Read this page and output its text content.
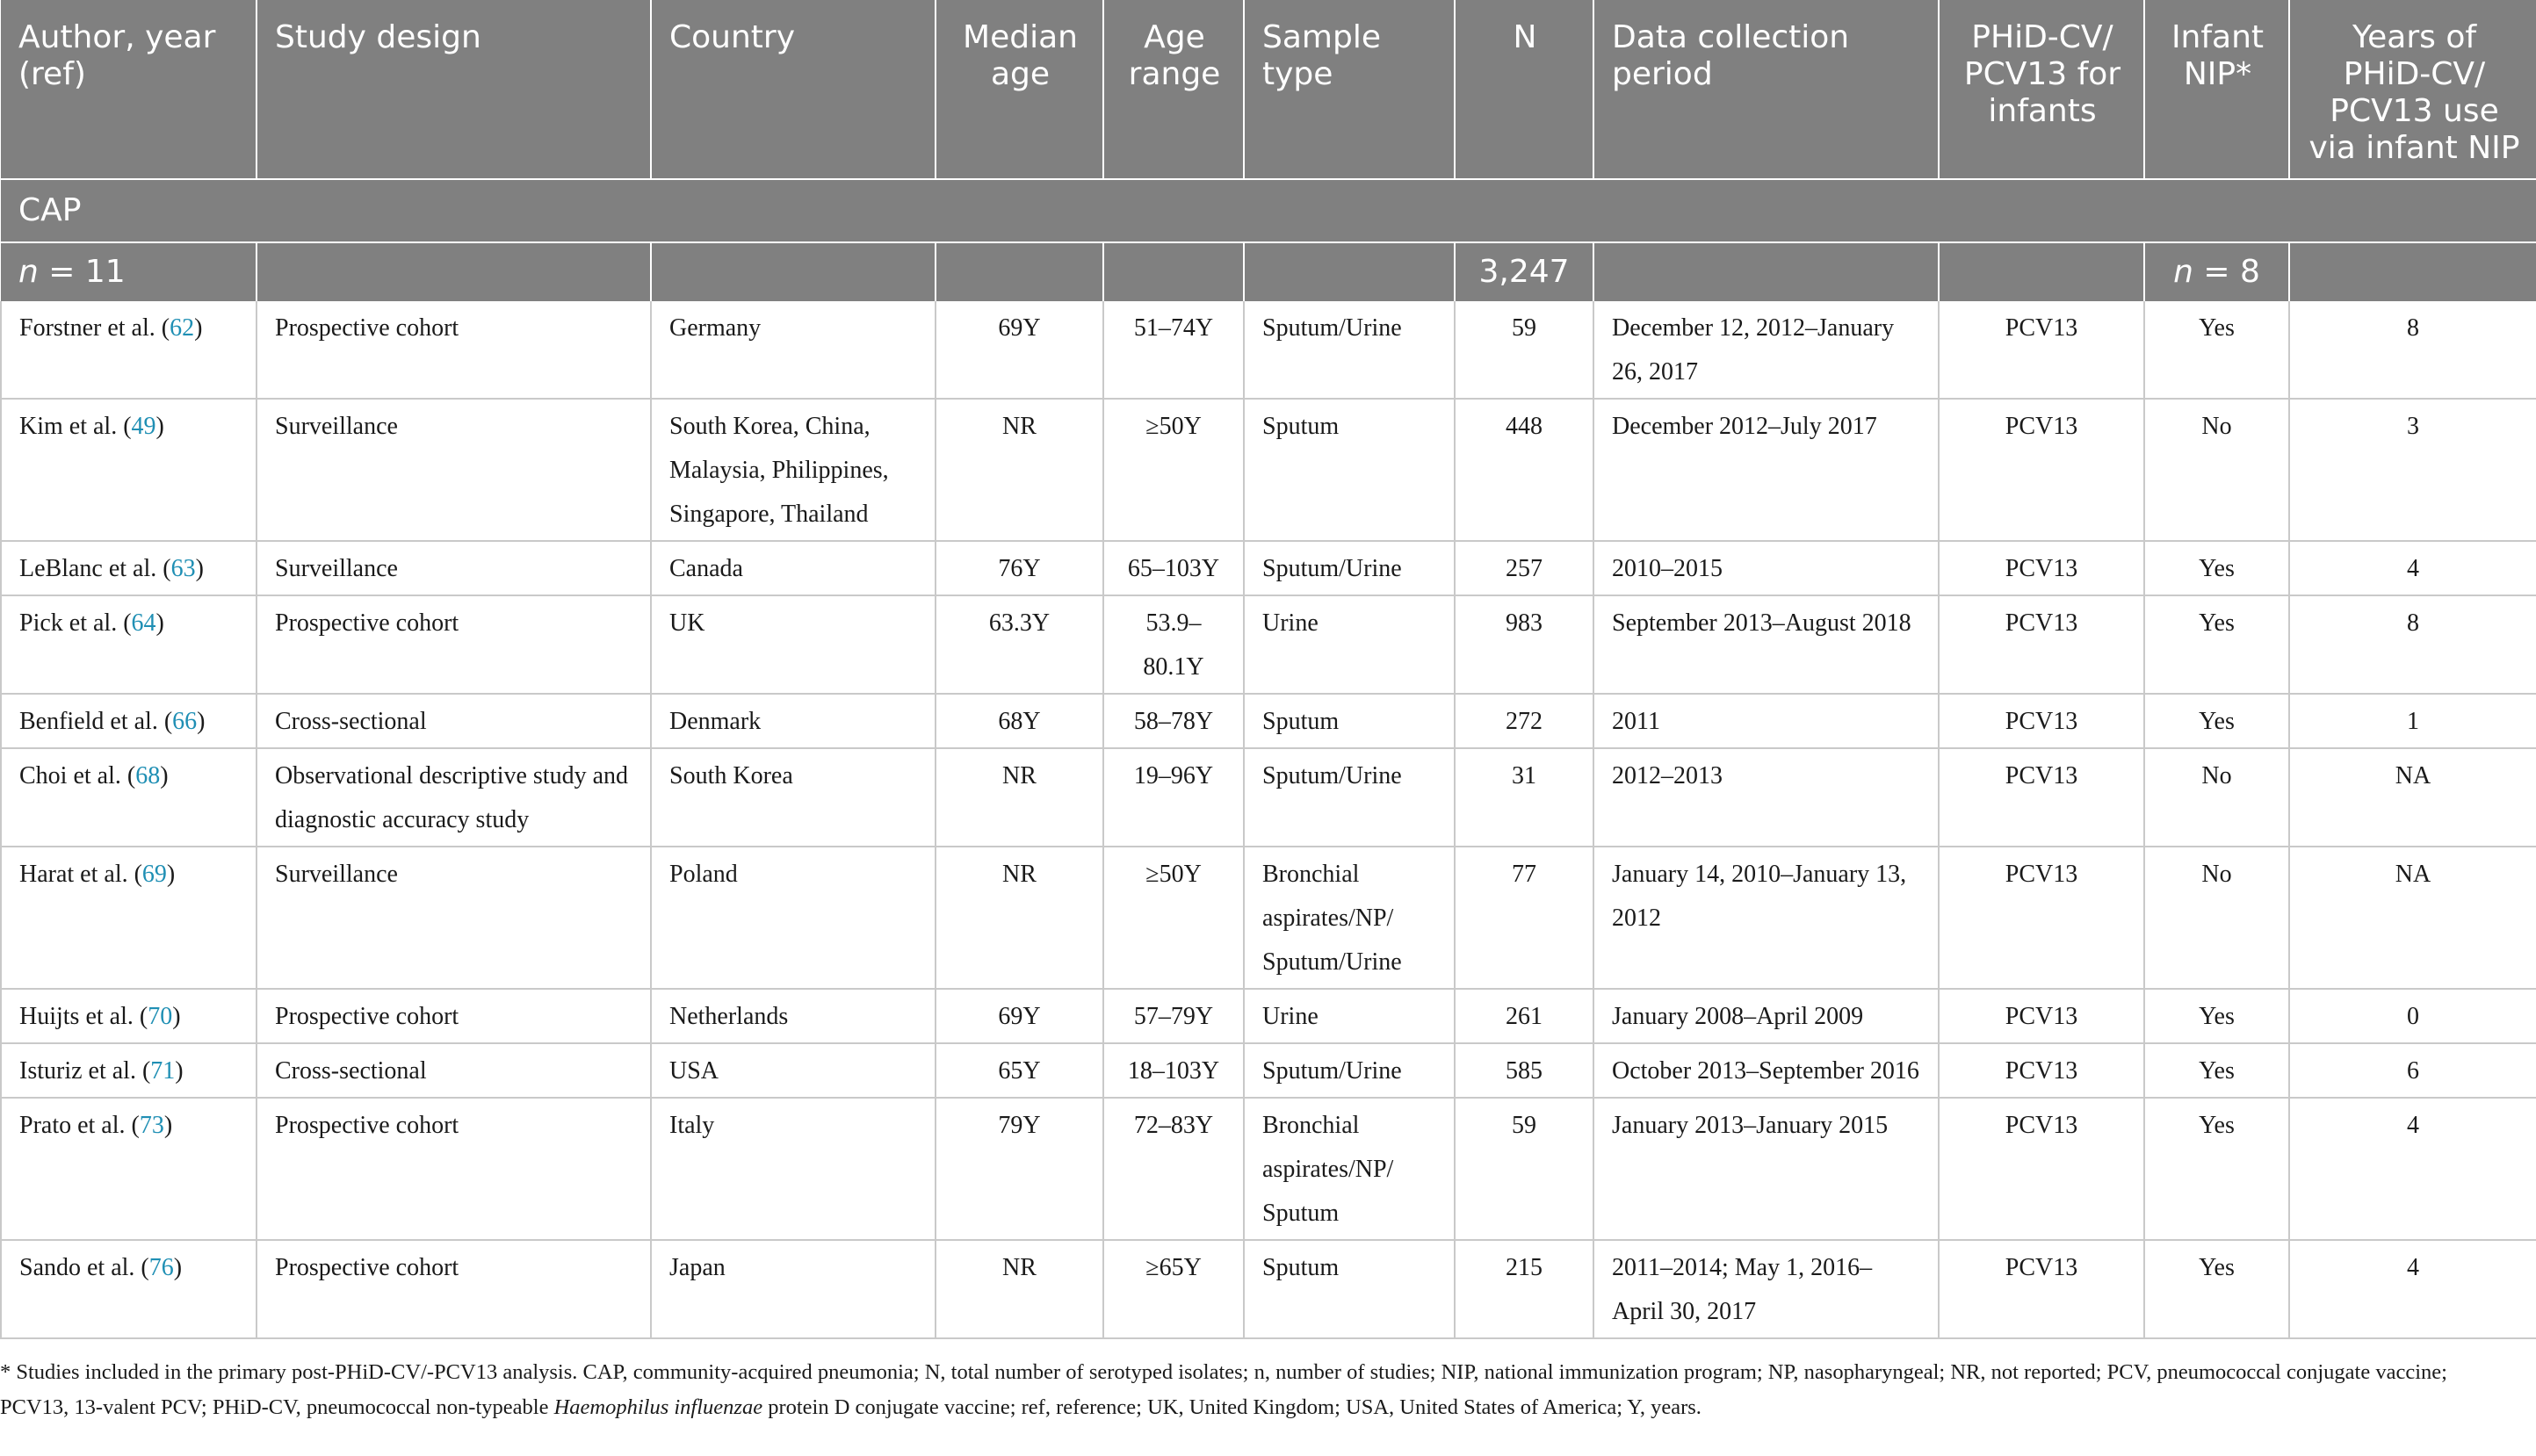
Author, year (ref)	Study design	Country	Median age	Age range	Sample type	N	Data collection period	PHiD-CV/ PCV13 for infants	Infant NIP*	Years of PHiD-CV/ PCV13 use via infant NIP
CAP										
n = 11						3,247			n = 8	
Forstner et al. (62)	Prospective cohort	Germany	69Y	51–74Y	Sputum/Urine	59	December 12, 2012–January 26, 2017	PCV13	Yes	8
Kim et al. (49)	Surveillance	South Korea, China, Malaysia, Philippines, Singapore, Thailand	NR	≥50Y	Sputum	448	December 2012–July 2017	PCV13	No	3
LeBlanc et al. (63)	Surveillance	Canada	76Y	65–103Y	Sputum/Urine	257	2010–2015	PCV13	Yes	4
Pick et al. (64)	Prospective cohort	UK	63.3Y	53.9–80.1Y	Urine	983	September 2013–August 2018	PCV13	Yes	8
Benfield et al. (66)	Cross-sectional	Denmark	68Y	58–78Y	Sputum	272	2011	PCV13	Yes	1
Choi et al. (68)	Observational descriptive study and diagnostic accuracy study	South Korea	NR	19–96Y	Sputum/Urine	31	2012–2013	PCV13	No	NA
Harat et al. (69)	Surveillance	Poland	NR	≥50Y	Bronchial aspirates/NP/ Sputum/Urine	77	January 14, 2010–January 13, 2012	PCV13	No	NA
Huijts et al. (70)	Prospective cohort	Netherlands	69Y	57–79Y	Urine	261	January 2008–April 2009	PCV13	Yes	0
Isturiz et al. (71)	Cross-sectional	USA	65Y	18–103Y	Sputum/Urine	585	October 2013–September 2016	PCV13	Yes	6
Prato et al. (73)	Prospective cohort	Italy	79Y	72–83Y	Bronchial aspirates/NP/ Sputum	59	January 2013–January 2015	PCV13	Yes	4
Sando et al. (76)	Prospective cohort	Japan	NR	≥65Y	Sputum	215	2011–2014; May 1, 2016–April 30, 2017	PCV13	Yes	4
* Studies included in the primary post-PHiD-CV/-PCV13 analysis. CAP, community-acquired pneumonia; N, total number of serotyped isolates; n, number of studies; NIP, national immunization program; NP, nasopharyngeal; NR, not reported; PCV, pneumococcal conjugate vaccine; PCV13, 13-valent PCV; PHiD-CV, pneumococcal non-typeable Haemophilus influenzae protein D conjugate vaccine; ref, reference; UK, United Kingdom; USA, United States of America; Y, years.
